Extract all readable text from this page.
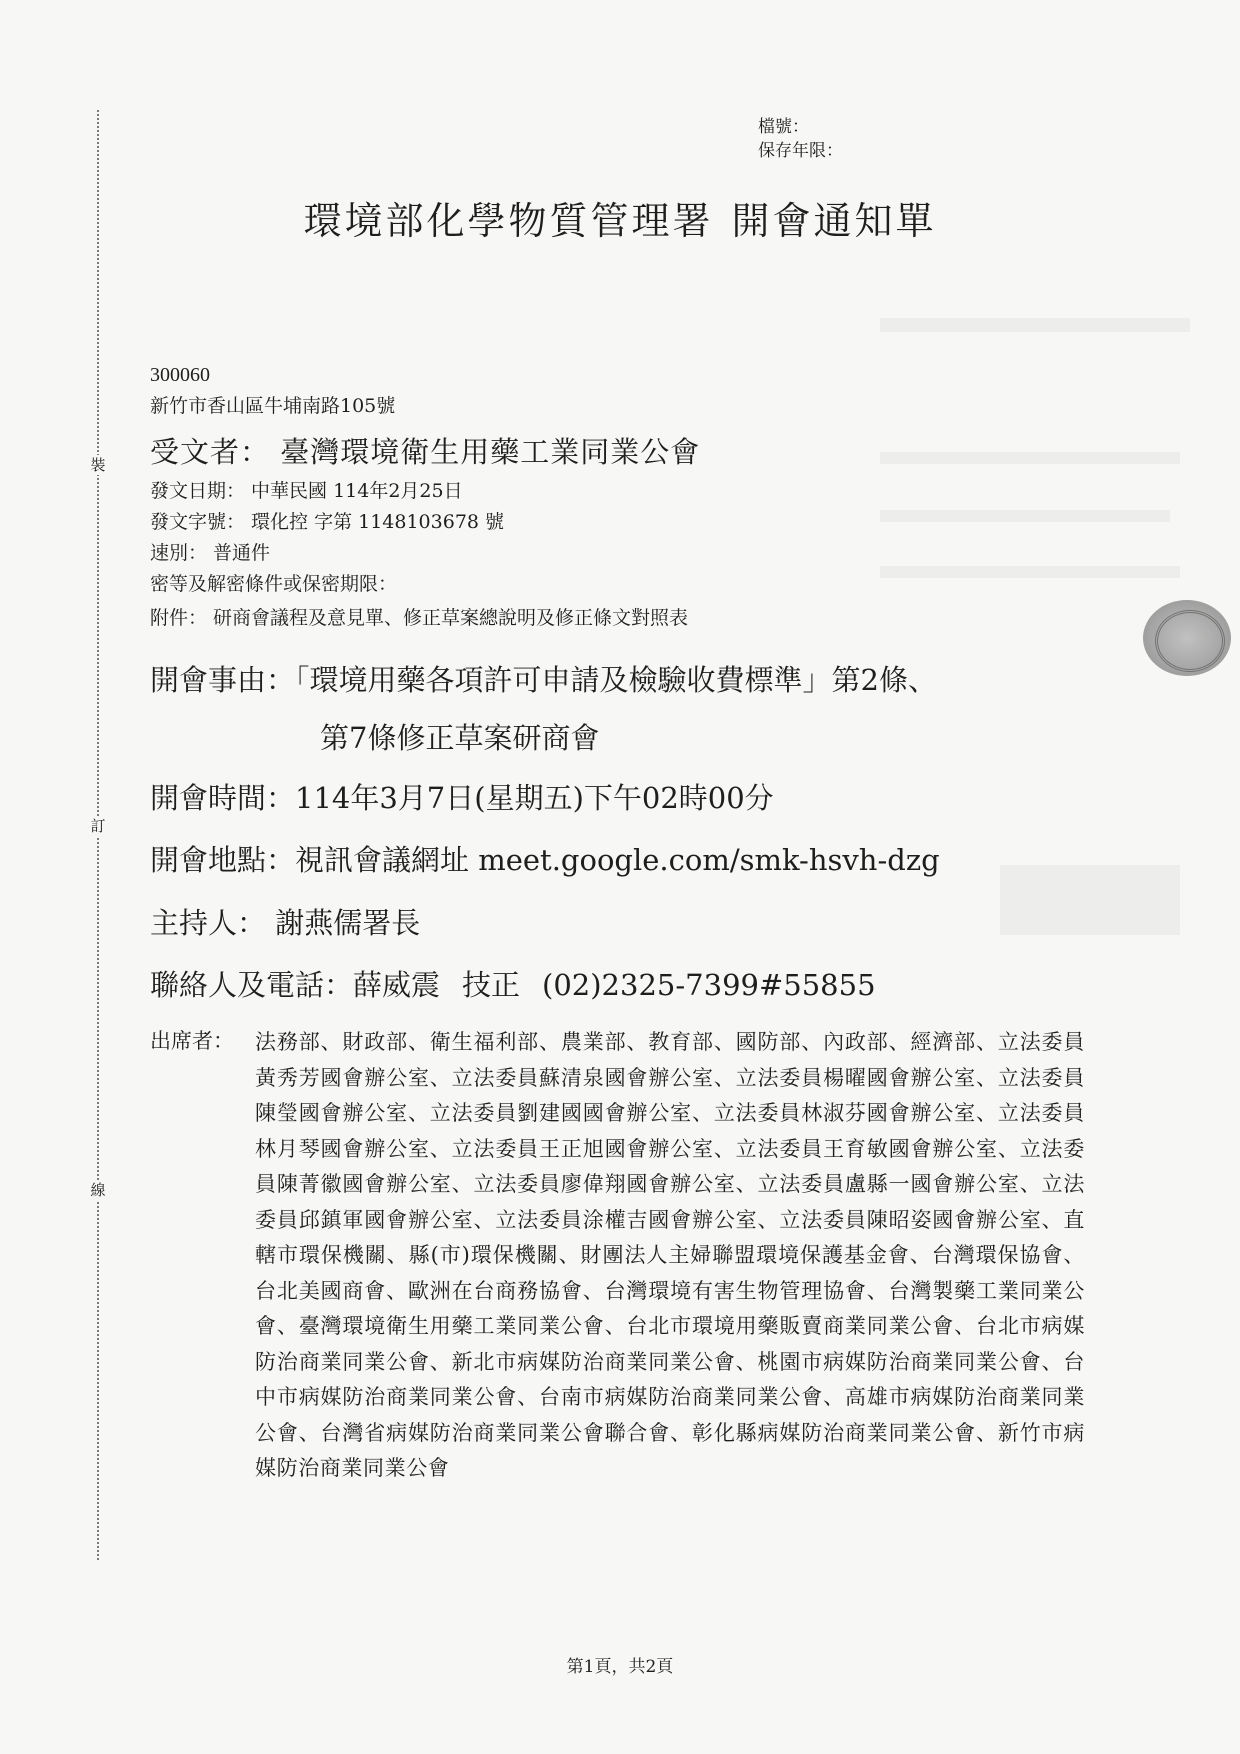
裝
訂
線
檔號：
保存年限：
環境部化學物質管理署 開會通知單
300060
新竹市香山區牛埔南路105號
受文者： 臺灣環境衛生用藥工業同業公會
發文日期： 中華民國 114年2月25日
發文字號： 環化控 字第 1148103678 號
速別： 普通件
密等及解密條件或保密期限：
附件： 研商會議程及意見單、修正草案總說明及修正條文對照表
開會事由：「環境用藥各項許可申請及檢驗收費標準」第2條、
第7條修正草案研商會
開會時間：114年3月7日(星期五)下午02時00分
開會地點：視訊會議網址 meet.google.com/smk-hsvh-dzg
主持人： 謝燕儒署長
聯絡人及電話：薛威震 技正 (02)2325-7399#55855
出席者： 法務部、財政部、衛生福利部、農業部、教育部、國防部、內政部、經濟部、立法委員黃秀芳國會辦公室、立法委員蘇清泉國會辦公室、立法委員楊曜國會辦公室、立法委員陳瑩國會辦公室、立法委員劉建國國會辦公室、立法委員林淑芬國會辦公室、立法委員林月琴國會辦公室、立法委員王正旭國會辦公室、立法委員王育敏國會辦公室、立法委員陳菁徽國會辦公室、立法委員廖偉翔國會辦公室、立法委員盧縣一國會辦公室、立法委員邱鎮軍國會辦公室、立法委員涂權吉國會辦公室、立法委員陳昭姿國會辦公室、直轄市環保機關、縣(市)環保機關、財團法人主婦聯盟環境保護基金會、台灣環保協會、台北美國商會、歐洲在台商務協會、台灣環境有害生物管理協會、台灣製藥工業同業公會、臺灣環境衛生用藥工業同業公會、台北市環境用藥販賣商業同業公會、台北市病媒防治商業同業公會、新北市病媒防治商業同業公會、桃園市病媒防治商業同業公會、台中市病媒防治商業同業公會、台南市病媒防治商業同業公會、高雄市病媒防治商業同業公會、台灣省病媒防治商業同業公會聯合會、彰化縣病媒防治商業同業公會、新竹市病媒防治商業同業公會
第1頁，共2頁
